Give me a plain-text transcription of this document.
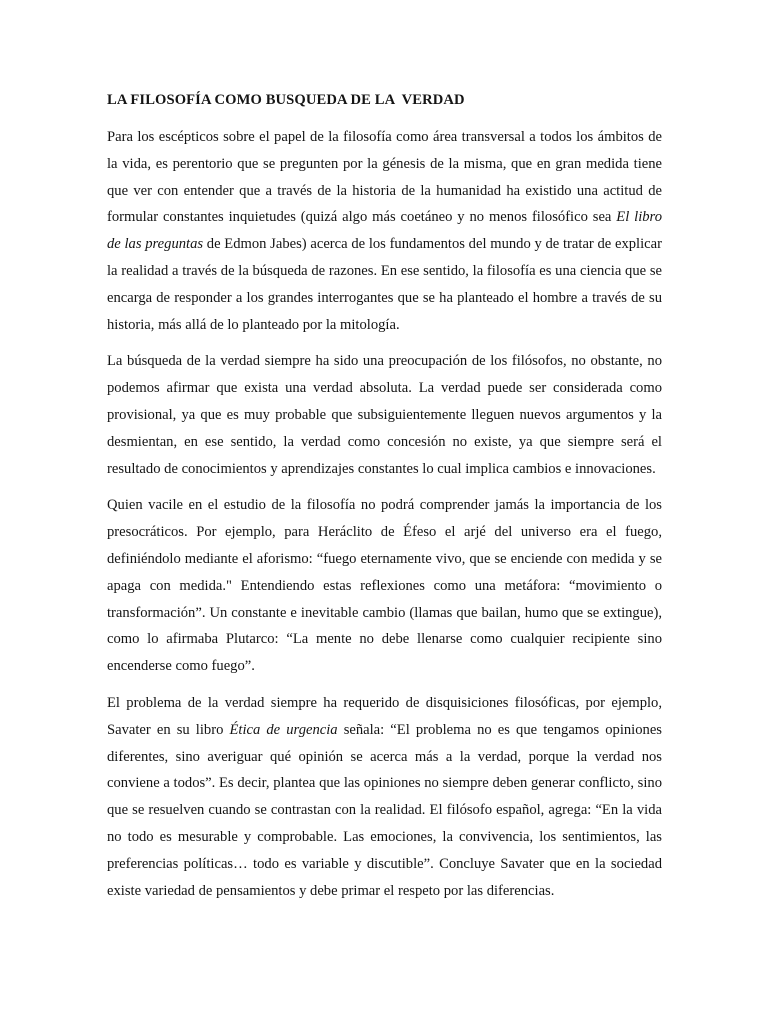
LA FILOSOFÍA COMO BUSQUEDA DE LA  VERDAD

Para los escépticos sobre el papel de la filosofía como área transversal a todos los ámbitos de la vida, es perentorio que se pregunten por la génesis de la misma, que en gran medida tiene que ver con entender que a través de la historia de la humanidad ha existido una actitud de formular constantes inquietudes (quizá algo más coetáneo y no menos filosófico sea El libro de las preguntas de Edmon Jabes) acerca de los fundamentos del mundo y de tratar de explicar la realidad a través de la búsqueda de razones. En ese sentido, la filosofía es una ciencia que se encarga de responder a los grandes interrogantes que se ha planteado el hombre a través de su historia, más allá de lo planteado por la mitología.

La búsqueda de la verdad siempre ha sido una preocupación de los filósofos, no obstante, no podemos afirmar que exista una verdad absoluta. La verdad puede ser considerada como provisional, ya que es muy probable que subsiguientemente lleguen nuevos argumentos y la desmientan, en ese sentido, la verdad como concesión no existe, ya que siempre será el resultado de conocimientos y aprendizajes constantes lo cual implica cambios e innovaciones.

Quien vacile en el estudio de la filosofía no podrá comprender jamás la importancia de los presocráticos. Por ejemplo, para Heráclito de Éfeso el arjé del universo era el fuego, definiéndolo mediante el aforismo: “fuego eternamente vivo, que se enciende con medida y se apaga con medida." Entendiendo estas reflexiones como una metáfora: “movimiento o transformación”. Un constante e inevitable cambio (llamas que bailan, humo que se extingue), como lo afirmaba Plutarco: “La mente no debe llenarse como cualquier recipiente sino encenderse como fuego”.

El problema de la verdad siempre ha requerido de disquisiciones filosóficas, por ejemplo, Savater en su libro Ética de urgencia señala: “El problema no es que tengamos opiniones diferentes, sino averiguar qué opinión se acerca más a la verdad, porque la verdad nos conviene a todos”. Es decir, plantea que las opiniones no siempre deben generar conflicto, sino que se resuelven cuando se contrastan con la realidad. El filósofo español, agrega: “En la vida no todo es mesurable y comprobable. Las emociones, la convivencia, los sentimientos, las preferencias políticas… todo es variable y discutible”. Concluye Savater que en la sociedad existe variedad de pensamientos y debe primar el respeto por las diferencias.
